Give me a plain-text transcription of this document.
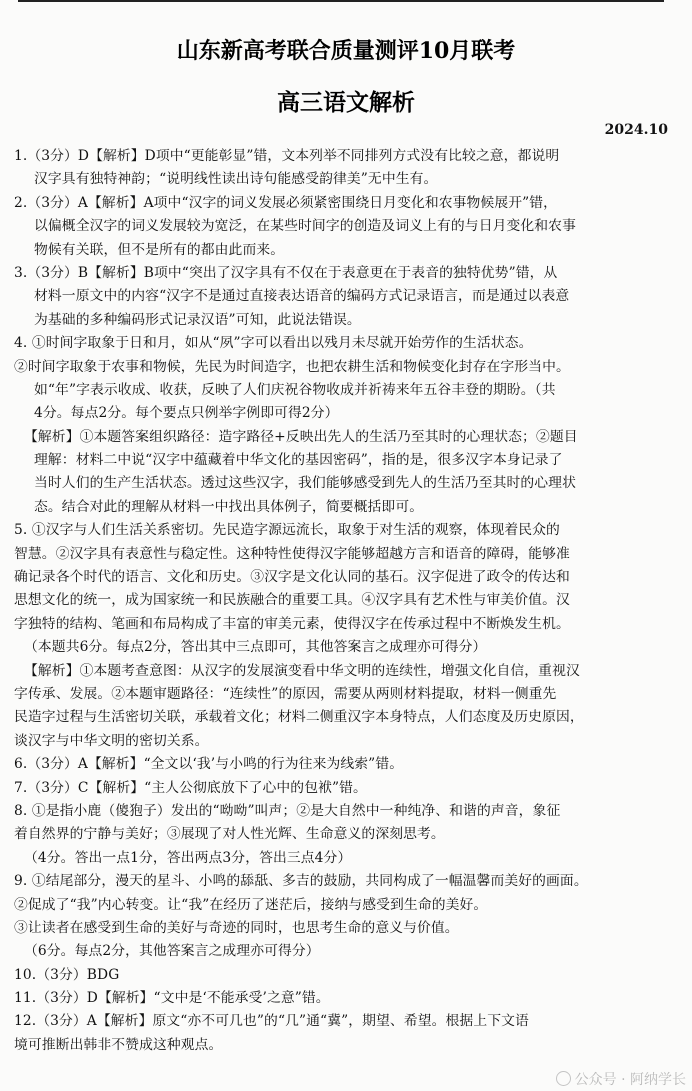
山东新高考联合质量测评10月联考
高三语文解析
2024.10
1.（3分）D【解析】D项中“更能彰显”错，文本列举不同排列方式没有比较之意，都说明
汉字具有独特神韵；“说明线性读出诗句能感受韵律美”无中生有。
2.（3分）A【解析】A项中“汉字的词义发展必须紧密围绕日月变化和农事物候展开”错，
以偏概全汉字的词义发展较为宽泛，在某些时间字的创造及词义上有的与日月变化和农事
物候有关联，但不是所有的都由此而来。
3.（3分）B【解析】B项中“突出了汉字具有不仅在于表意更在于表音的独特优势”错，从
材料一原文中的内容“汉字不是通过直接表达语音的编码方式记录语言，而是通过以表意
为基础的多种编码形式记录汉语”可知，此说法错误。
4. ①时间字取象于日和月，如从“夙”字可以看出以残月未尽就开始劳作的生活状态。
②时间字取象于农事和物候，先民为时间造字，也把农耕生活和物候变化封存在字形当中。
如“年”字表示收成、收获，反映了人们庆祝谷物收成并祈祷来年五谷丰登的期盼。（共
4分。每点2分。每个要点只例举字例即可得2分）
【解析】①本题答案组织路径：造字路径+反映出先人的生活乃至其时的心理状态；②题目
理解：材料二中说“汉字中蕴藏着中华文化的基因密码”，指的是，很多汉字本身记录了
当时人们的生产生活状态。透过这些汉字，我们能够感受到先人的生活乃至其时的心理状
态。结合对此的理解从材料一中找出具体例子，简要概括即可。
5. ①汉字与人们生活关系密切。先民造字源远流长，取象于对生活的观察，体现着民众的
智慧。②汉字具有表意性与稳定性。这种特性使得汉字能够超越方言和语音的障碍，能够准
确记录各个时代的语言、文化和历史。③汉字是文化认同的基石。汉字促进了政令的传达和
思想文化的统一，成为国家统一和民族融合的重要工具。④汉字具有艺术性与审美价值。汉
字独特的结构、笔画和布局构成了丰富的审美元素，使得汉字在传承过程中不断焕发生机。
（本题共6分。每点2分，答出其中三点即可，其他答案言之成理亦可得分）
【解析】①本题考查意图：从汉字的发展演变看中华文明的连续性，增强文化自信，重视汉
字传承、发展。②本题审题路径：“连续性”的原因，需要从两则材料提取，材料一侧重先
民造字过程与生活密切关联，承载着文化；材料二侧重汉字本身特点，人们态度及历史原因，
谈汉字与中华文明的密切关系。
6.（3分）A【解析】“全文以‘我’与小鸣的行为往来为线索”错。
7.（3分）C【解析】“主人公彻底放下了心中的包袱”错。
8. ①是指小鹿（傻狍子）发出的“呦呦”叫声；②是大自然中一种纯净、和谐的声音，象征
着自然界的宁静与美好；③展现了对人性光辉、生命意义的深刻思考。
（4分。答出一点1分，答出两点3分，答出三点4分）
9. ①结尾部分，漫天的星斗、小鸣的舔舐、多吉的鼓励，共同构成了一幅温馨而美好的画面。
②促成了“我”内心转变。让“我”在经历了迷茫后，接纳与感受到生命的美好。
③让读者在感受到生命的美好与奇迹的同时，也思考生命的意义与价值。
（6分。每点2分，其他答案言之成理亦可得分）
10.（3分）BDG
11.（3分）D【解析】“文中是‘不能承受’之意”错。
12.（3分）A【解析】原文“亦不可几也”的“几”通“冀”，期望、希望。根据上下文语
境可推断出韩非不赞成这种观点。
公众号 · 阿纳学长
